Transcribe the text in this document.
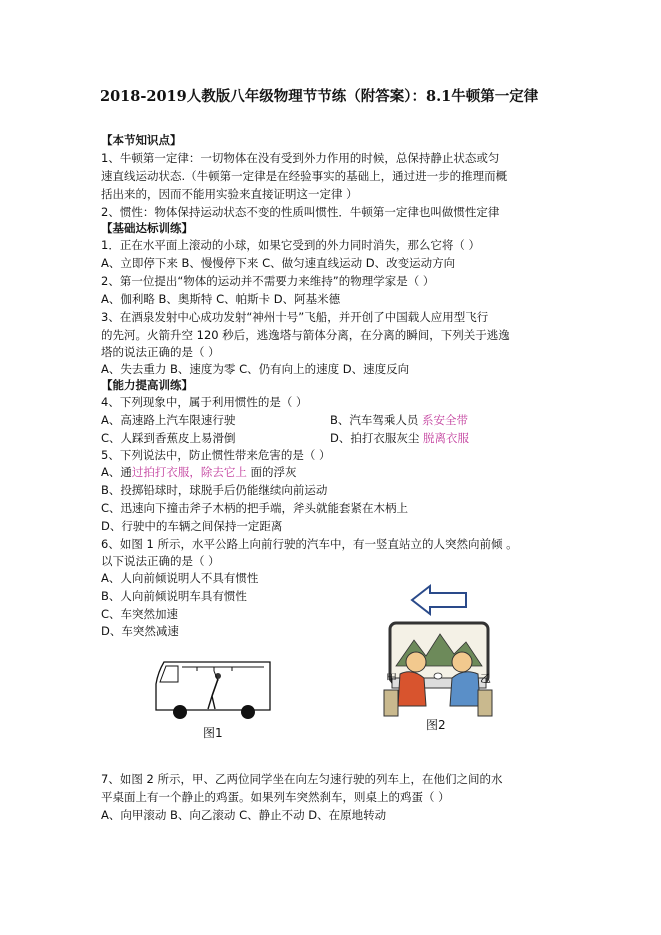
2018-2019人教版八年级物理节节练（附答案）：8.1牛顿第一定律
【本节知识点】
1、牛顿第一定律：一切物体在没有受到外力作用的时候，总保持静止状态或匀
速直线运动状态.（牛顿第一定律是在经验事实的基础上，通过进一步的推理而概
括出来的，因而不能用实验来直接证明这一定律 ）
2、惯性：物体保持运动状态不变的性质叫惯性．牛顿第一定律也叫做惯性定律
【基础达标训练】
1．正在水平面上滚动的小球，如果它受到的外力同时消失，那么它将（ ）
A、立即停下来 B、慢慢停下来 C、做匀速直线运动 D、改变运动方向
2、第一位提出“物体的运动并不需要力来维持”的物理学家是（ ）
A、伽利略 B、奥斯特 C、帕斯卡 D、阿基米德
3、在酒泉发射中心成功发射“神州十号”飞船，并开创了中国载人应用型飞行
的先河。火箭升空 120 秒后，逃逸塔与箭体分离，在分离的瞬间，下列关于逃逸
塔的说法正确的是（ ）
A、失去重力 B、速度为零 C、仍有向上的速度 D、速度反向
【能力提高训练】
4、下列现象中，属于利用惯性的是（ ）
A、高速路上汽车限速行驶	B、汽车驾乘人员 系安全带
C、人踩到香蕉皮上易滑倒	D、拍打衣服灰尘 脱离衣服
5、下列说法中，防止惯性带来危害的是（ ）
A、通过拍打衣服，除去它上 面的浮灰
B、投掷铅球时，球脱手后仍能继续向前运动
C、迅速向下撞击斧子木柄的把手端，斧头就能套紧在木柄上
D、行驶中的车辆之间保持一定距离
6、如图 1 所示，水平公路上向前行驶的汽车中，有一竖直站立的人突然向前倾 。
以下说法正确的是（ ）
A、人向前倾说明人不具有惯性
B、人向前倾说明车具有惯性
C、车突然加速
D、车突然减速
图1
甲	乙
图2
7、如图 2 所示，甲、乙两位同学坐在向左匀速行驶的列车上，在他们之间的水
平桌面上有一个静止的鸡蛋。如果列车突然刹车，则桌上的鸡蛋（ ）
A、向甲滚动 B、向乙滚动 C、静止不动 D、在原地转动
